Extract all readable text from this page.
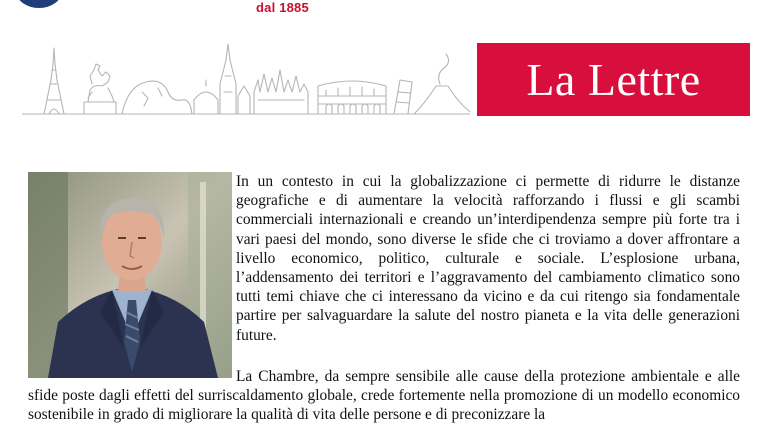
dal 1885
La Lettre

In un contesto in cui la globalizzazione ci permette di ridurre le distanze geografiche e di aumentare la velocità rafforzando i flussi e gli scambi commerciali internazionali e creando un’interdipendenza sempre più forte tra i vari paesi del mondo, sono diverse le sfide che ci troviamo a dover affrontare a livello economico, politico, culturale e sociale. L’esplosione urbana, l’addensamento dei territori e l’aggravamento del cambiamento climatico sono tutti temi chiave che ci interessano da vicino e da cui ritengo sia fondamentale partire per salvaguardare la salute del nostro pianeta e la vita delle generazioni future.

La Chambre, da sempre sensibile alle cause della protezione ambientale e alle sfide poste dagli effetti del surriscaldamento globale, crede fortemente nella promozione di un modello economico sostenibile in grado di migliorare la qualità di vita delle persone e di preconizzare la
